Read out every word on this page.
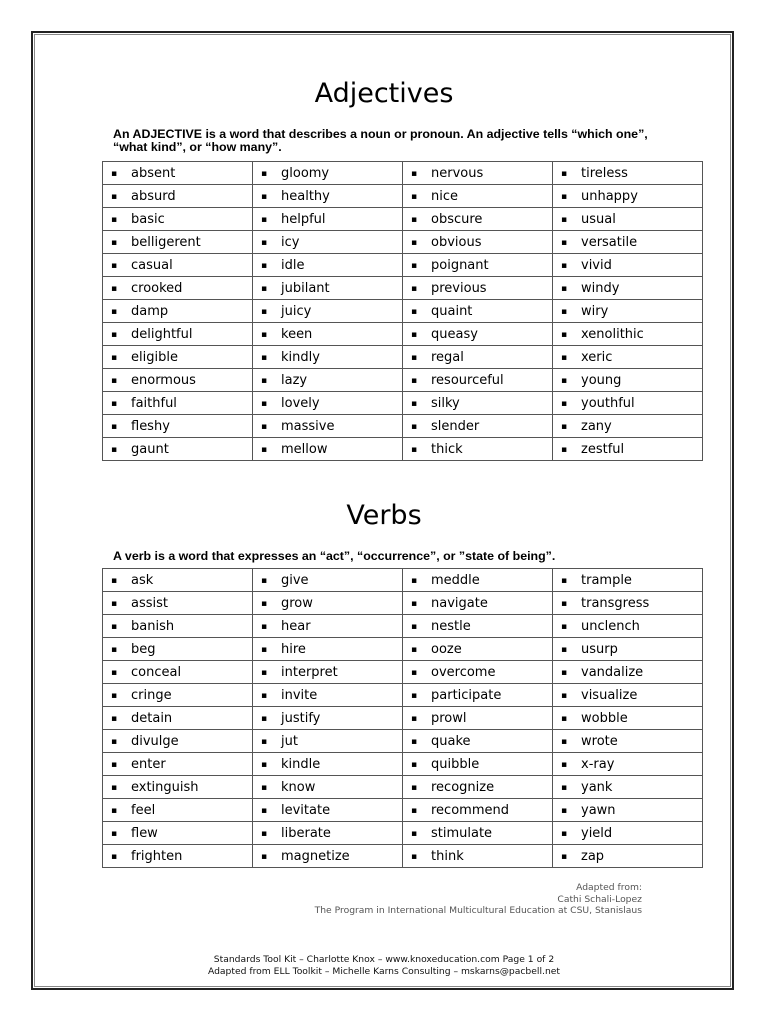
Adjectives
An ADJECTIVE is a word that describes a noun or pronoun. An adjective tells “which one”, “what kind”, or “how many”.
▪ absent	▪ gloomy	▪ nervous	▪ tireless
▪ absurd	▪ healthy	▪ nice	▪ unhappy
▪ basic	▪ helpful	▪ obscure	▪ usual
▪ belligerent	▪ icy	▪ obvious	▪ versatile
▪ casual	▪ idle	▪ poignant	▪ vivid
▪ crooked	▪ jubilant	▪ previous	▪ windy
▪ damp	▪ juicy	▪ quaint	▪ wiry
▪ delightful	▪ keen	▪ queasy	▪ xenolithic
▪ eligible	▪ kindly	▪ regal	▪ xeric
▪ enormous	▪ lazy	▪ resourceful	▪ young
▪ faithful	▪ lovely	▪ silky	▪ youthful
▪ fleshy	▪ massive	▪ slender	▪ zany
▪ gaunt	▪ mellow	▪ thick	▪ zestful
Verbs
A verb is a word that expresses an “act”, “occurrence”, or ”state of being”.
▪ ask	▪ give	▪ meddle	▪ trample
▪ assist	▪ grow	▪ navigate	▪ transgress
▪ banish	▪ hear	▪ nestle	▪ unclench
▪ beg	▪ hire	▪ ooze	▪ usurp
▪ conceal	▪ interpret	▪ overcome	▪ vandalize
▪ cringe	▪ invite	▪ participate	▪ visualize
▪ detain	▪ justify	▪ prowl	▪ wobble
▪ divulge	▪ jut	▪ quake	▪ wrote
▪ enter	▪ kindle	▪ quibble	▪ x-ray
▪ extinguish	▪ know	▪ recognize	▪ yank
▪ feel	▪ levitate	▪ recommend	▪ yawn
▪ flew	▪ liberate	▪ stimulate	▪ yield
▪ frighten	▪ magnetize	▪ think	▪ zap
Adapted from:
Cathi Schali-Lopez
The Program in International Multicultural Education at CSU, Stanislaus
Standards Tool Kit – Charlotte Knox – www.knoxeducation.com Page 1 of 2
Adapted from ELL Toolkit – Michelle Karns Consulting – mskarns@pacbell.net
